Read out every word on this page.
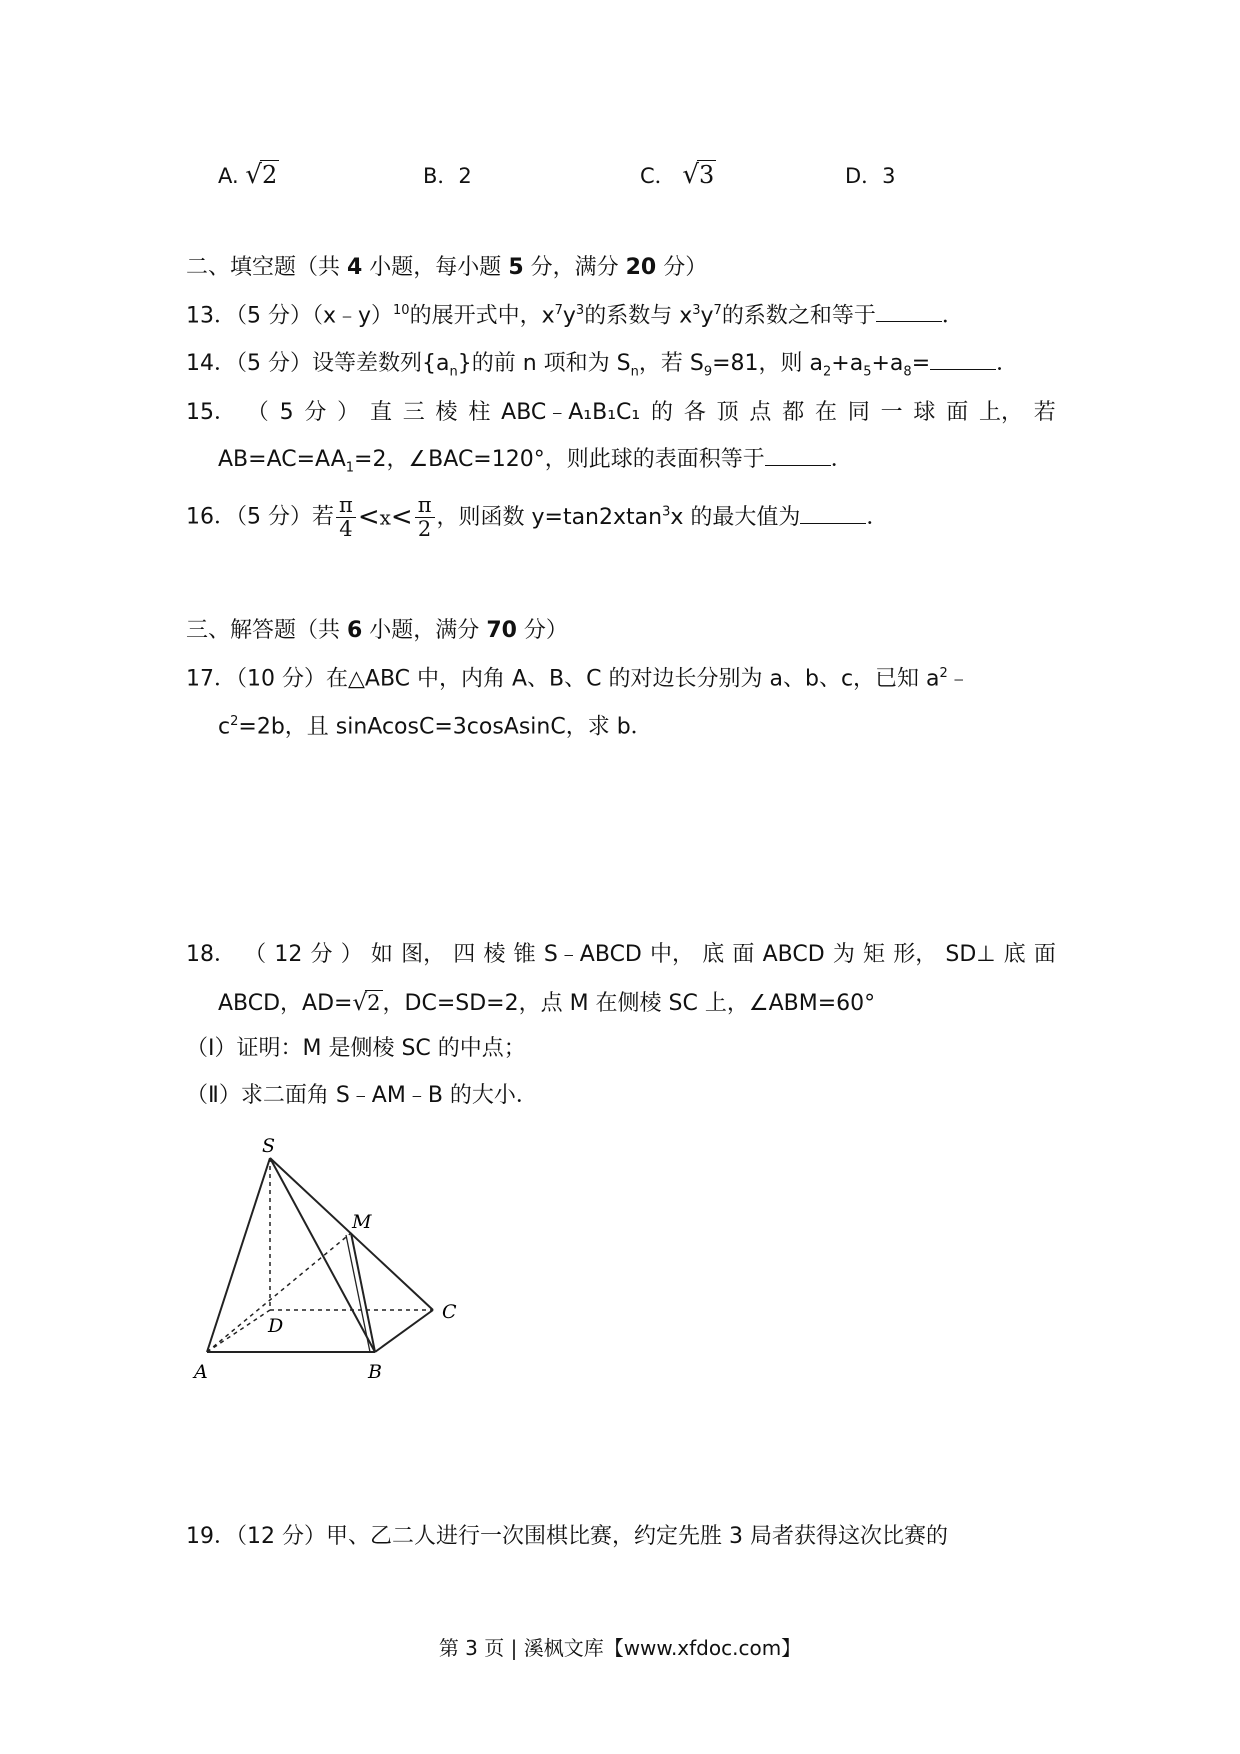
A. √2	B．2	C． √3	D．3
二、填空题（共 4 小题，每小题 5 分，满分 20 分）
13．（5 分）（x﹣y）$^{10}$的展开式中，$x^7y^3$的系数与 $x^3y^7$的系数之和等于	．
14．（5 分）设等差数列$\{a_n\}$的前 n 项和为 $S_n$，若 $S_9=81$，则 $a_2+a_5+a_8=$	．
15． （ 5 分 ） 直 三 棱 柱 ABC﹣A₁B₁C₁ 的 各 顶 点 都 在 同 一 球 面 上， 若
$AB=AC=AA_1=2$，∠BAC=120°，则此球的表面积等于	．
16．（5 分）若 $\frac{\pi}{4} <x< \frac{\pi}{2}$ ，则函数 y=tan2xtan$^3$x 的最大值为	．
三、解答题（共 6 小题，满分 70 分）
17．（10 分）在△ABC 中，内角 A、B、C 的对边长分别为 a、b、c，已知 $a^2﹣$
$c^2=2b$，且 sinAcosC=3cosAsinC，求 b．
18． （ 12 分 ） 如 图， 四 棱 锥 S﹣ABCD 中， 底 面 ABCD 为 矩 形， SD⊥ 底 面
ABCD，AD=√2，DC=SD=2，点 M 在侧棱 SC 上，∠ABM=60°
（Ⅰ）证明：M 是侧棱 SC 的中点；
（Ⅱ）求二面角 S﹣AM﹣B 的大小．
S
M
D
C
A	B
19．（12 分）甲、乙二人进行一次围棋比赛，约定先胜 3 局者获得这次比赛的
第 3 页 | 溪枫文库【www.xfdoc.com】
